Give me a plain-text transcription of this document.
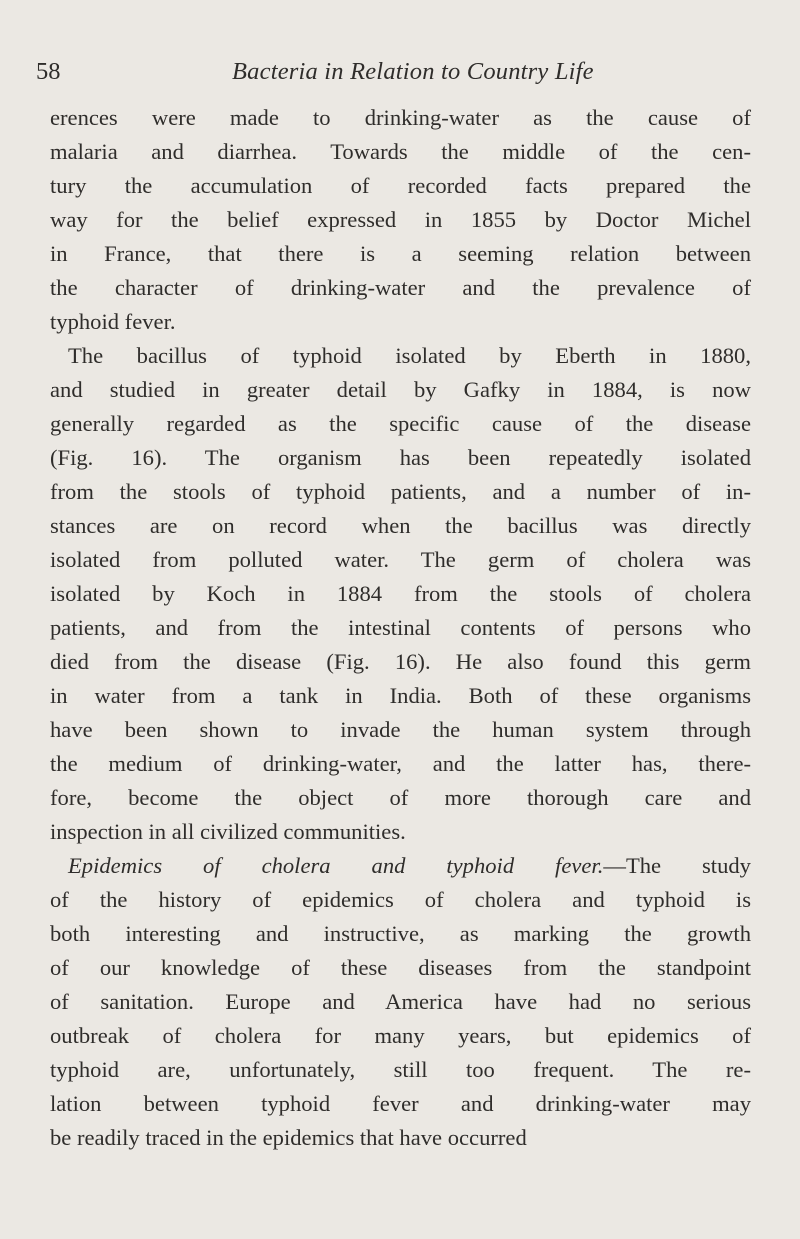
58	Bacteria in Relation to Country Life
erences were made to drinking-water as the cause of
malaria and diarrhea. Towards the middle of the cen-
tury the accumulation of recorded facts prepared the
way for the belief expressed in 1855 by Doctor Michel
in France, that there is a seeming relation between
the character of drinking-water and the prevalence of
typhoid fever.
The bacillus of typhoid isolated by Eberth in 1880,
and studied in greater detail by Gafky in 1884, is now
generally regarded as the specific cause of the disease
(Fig. 16). The organism has been repeatedly isolated
from the stools of typhoid patients, and a number of in-
stances are on record when the bacillus was directly
isolated from polluted water. The germ of cholera was
isolated by Koch in 1884 from the stools of cholera
patients, and from the intestinal contents of persons who
died from the disease (Fig. 16). He also found this germ
in water from a tank in India. Both of these organisms
have been shown to invade the human system through
the medium of drinking-water, and the latter has, there-
fore, become the object of more thorough care and
inspection in all civilized communities.
Epidemics of cholera and typhoid fever.—The study
of the history of epidemics of cholera and typhoid is
both interesting and instructive, as marking the growth
of our knowledge of these diseases from the standpoint
of sanitation. Europe and America have had no serious
outbreak of cholera for many years, but epidemics of
typhoid are, unfortunately, still too frequent. The re-
lation between typhoid fever and drinking-water may
be readily traced in the epidemics that have occurred
